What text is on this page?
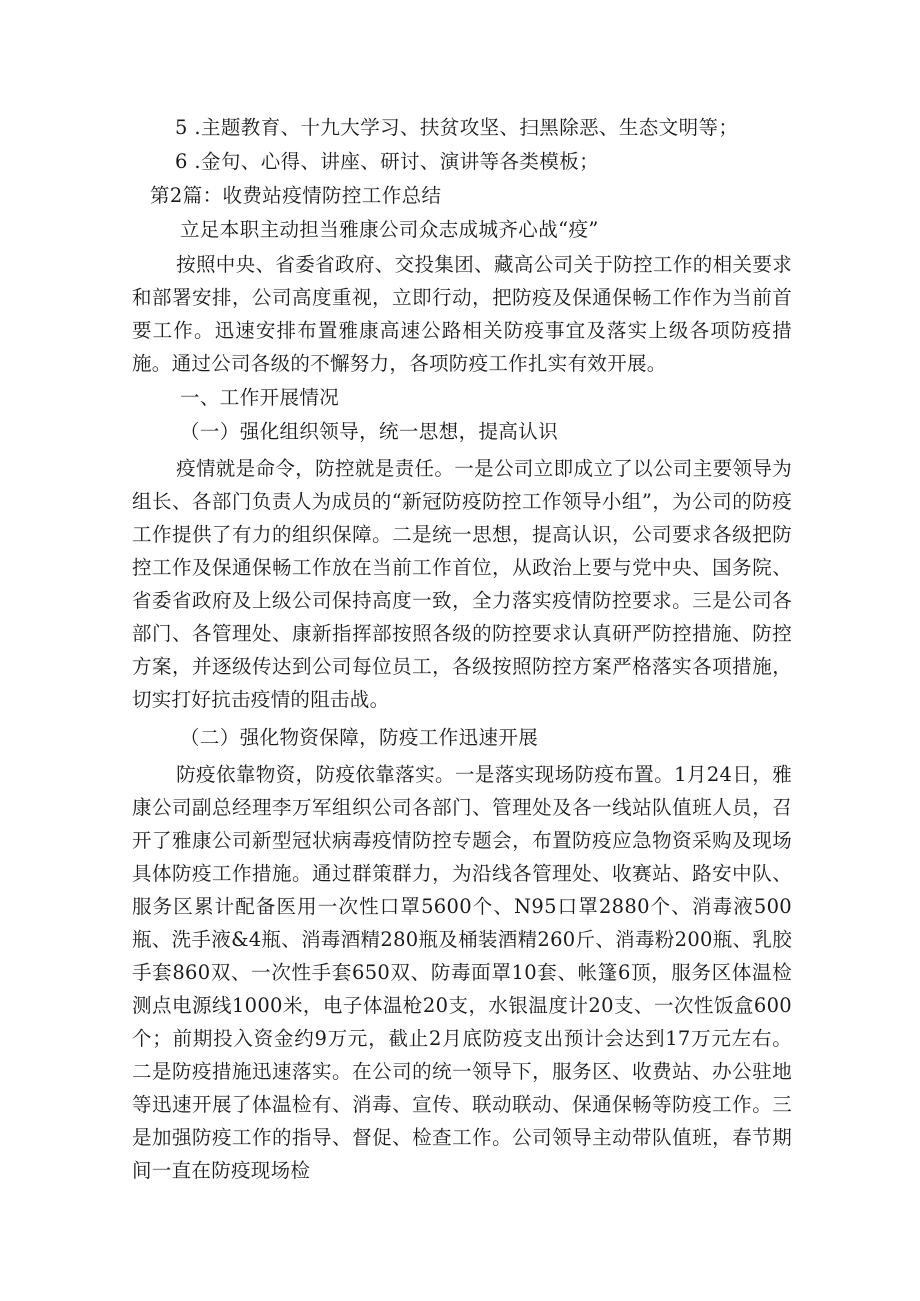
5 .主题教育、十九大学习、扶贫攻坚、扫黑除恶、生态文明等；
6 .金句、心得、讲座、研讨、演讲等各类模板；
第2篇：收费站疫情防控工作总结
立足本职主动担当雅康公司众志成城齐心战“疫”

按照中央、省委省政府、交投集团、藏高公司关于防控工作的相关要求和部署安排，公司高度重视，立即行动，把防疫及保通保畅工作作为当前首要工作。迅速安排布置雅康高速公路相关防疫事宜及落实上级各项防疫措施。通过公司各级的不懈努力，各项防疫工作扎实有效开展。

一、工作开展情况
（一）强化组织领导，统一思想，提高认识

疫情就是命令，防控就是责任。一是公司立即成立了以公司主要领导为组长、各部门负责人为成员的“新冠防疫防控工作领导小组”，为公司的防疫工作提供了有力的组织保障。二是统一思想，提高认识，公司要求各级把防控工作及保通保畅工作放在当前工作首位，从政治上要与党中央、国务院、省委省政府及上级公司保持高度一致，全力落实疫情防控要求。三是公司各部门、各管理处、康新指挥部按照各级的防控要求认真研严防控措施、防控方案，并逐级传达到公司每位员工，各级按照防控方案严格落实各项措施，切实打好抗击疫情的阻击战。

（二）强化物资保障，防疫工作迅速开展

防疫依靠物资，防疫依靠落实。一是落实现场防疫布置。1月24日，雅康公司副总经理李万军组织公司各部门、管理处及各一线站队值班人员，召开了雅康公司新型冠状病毒疫情防控专题会，布置防疫应急物资采购及现场具体防疫工作措施。通过群策群力，为沿线各管理处、收赛站、路安中队、服务区累计配备医用一次性口罩5600个、N95口罩2880个、消毒液500瓶、洗手液&4瓶、消毒酒精280瓶及桶装酒精260斤、消毒粉200瓶、乳胶手套860双、一次性手套650双、防毒面罩10套、帐篷6顶，服务区体温检测点电源线1000米，电子体温枪20支，水银温度计20支、一次性饭盒600个；前期投入资金约9万元，截止2月底防疫支出预计会达到17万元左右。二是防疫措施迅速落实。在公司的统一领导下，服务区、收费站、办公驻地等迅速开展了体温检有、消毒、宣传、联动联动、保通保畅等防疫工作。三是加强防疫工作的指导、督促、检查工作。公司领导主动带队值班，春节期间一直在防疫现场检
